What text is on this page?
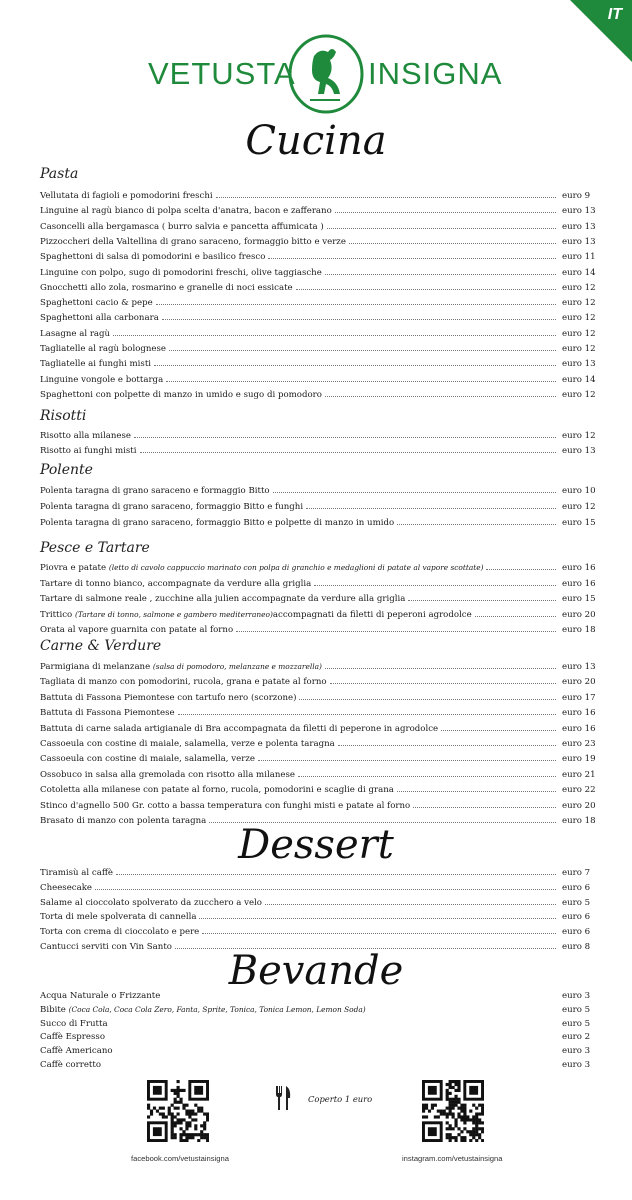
IT
VETUSTA INSIGNA
Cucina
Pasta
Vellutata di fagioli e pomodorini freschi	euro 9
Linguine al ragù bianco di polpa scelta d'anatra, bacon e zafferano	euro 13
Casoncelli alla bergamasca ( burro salvia e pancetta affumicata )	euro 13
Pizzoccheri della Valtellina di grano saraceno, formaggio bitto e verze	euro 13
Spaghettoni di salsa di pomodorini e basilico fresco	euro 11
Linguine con polpo, sugo di pomodorini freschi, olive taggiasche	euro 14
Gnocchetti allo zola, rosmarino e granelle di noci essicate	euro 12
Spaghettoni cacio & pepe	euro 12
Spaghettoni alla carbonara	euro 12
Lasagne al ragù	euro 12
Tagliatelle al ragù bolognese	euro 12
Tagliatelle ai funghi misti	euro 13
Linguine vongole e bottarga	euro 14
Spaghettoni con polpette di manzo in umido e sugo di pomodoro	euro 12
Risotti
Risotto alla milanese	euro 12
Risotto ai funghi misti	euro 13
Polente
Polenta taragna di grano saraceno e formaggio Bitto	euro 10
Polenta taragna di grano saraceno, formaggio Bitto e funghi	euro 12
Polenta taragna di grano saraceno, formaggio Bitto e polpette di manzo in umido	euro 15
Pesce e Tartare
Piovra e patate (letto di cavolo cappuccio marinato con polpa di granchio e medaglioni di patate al vapore scottate)	euro 16
Tartare di tonno bianco, accompagnate da verdure alla griglia	euro 16
Tartare di salmone reale , zucchine alla julien accompagnate da verdure alla griglia	euro 15
Trittico (Tartare di tonno, salmone e gambero mediterraneo)accompagnati da filetti di peperoni agrodolce	euro 20
Orata al vapore guarnita con patate al forno	euro 18
Carne & Verdure
Parmigiana di melanzane (salsa di pomodoro, melanzane e mozzarella)	euro 13
Tagliata di manzo con pomodorini, rucola, grana e patate al forno	euro 20
Battuta di Fassona Piemontese con tartufo nero (scorzone)	euro 17
Battuta di Fassona Piemontese	euro 16
Battuta di carne salada artigianale di Bra accompagnata da filetti di peperone in agrodolce	euro 16
Cassoeula con costine di maiale, salamella, verze e polenta taragna	euro 23
Cassoeula con costine di maiale, salamella, verze	euro 19
Ossobuco in salsa alla gremolada con risotto alla milanese	euro 21
Cotoletta alla milanese con patate al forno, rucola, pomodorini e scaglie di grana	euro 22
Stinco d'agnello 500 Gr. cotto a bassa temperatura con funghi misti e patate al forno	euro 20
Brasato di manzo con polenta taragna	euro 18
Tiramisù al caffè	euro 7
Cheesecake	euro 6
Salame al cioccolato spolverato da zucchero a velo	euro 5
Torta di mele spolverata di cannella	euro 6
Torta con crema di cioccolato e pere	euro 6
Cantucci serviti con Vin Santo	euro 8
Acqua Naturale o Frizzante	euro 3
Bibite (Coca Cola, Coca Cola Zero, Fanta, Sprite, Tonica, Tonica Lemon, Lemon Soda)	euro 5
Succo di Frutta	euro 5
Caffè Espresso	euro 2
Caffè Americano	euro 3
Caffè corretto	euro 3
Dessert
Bevande
Coperto 1 euro
facebook.com/vetustainsigna	instagram.com/vetustainsigna
